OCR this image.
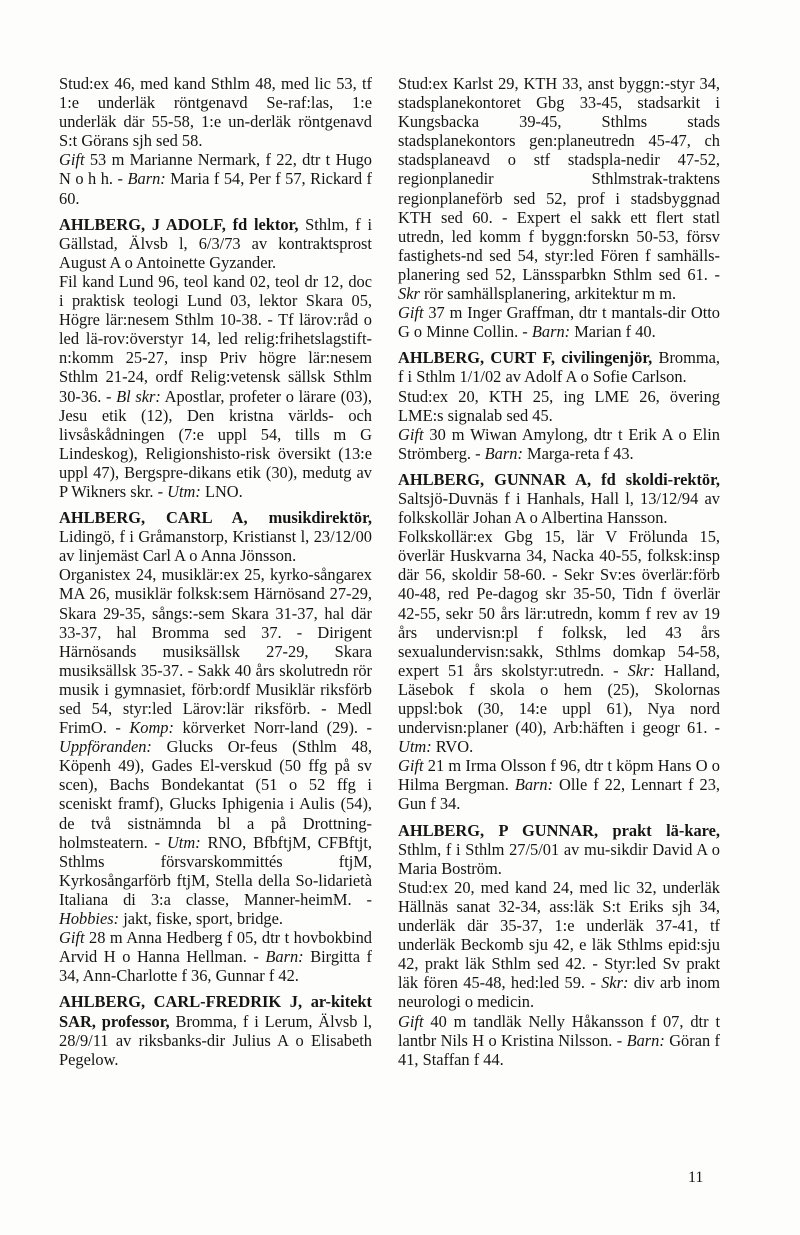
Stud:ex 46, med kand Sthlm 48, med lic 53, tf 1:e underläk röntgenavd Se-raf:las, 1:e underläk där 55-58, 1:e un-derläk röntgenavd S:t Görans sjh sed 58.

Gift 53 m Marianne Nermark, f 22, dtr t Hugo N o h h. - Barn: Maria f 54, Per f 57, Rickard f 60.

AHLBERG, J ADOLF, fd lektor, Sthlm, f i Gällstad, Älvsb l, 6/3/73 av kontraktsprost August A o Antoinette Gyzander.

Fil kand Lund 96, teol kand 02, teol dr 12, doc i praktisk teologi Lund 03, lektor Skara 05, Högre lär:nesem Sthlm 10-38. - Tf lärov:råd o led lä-rov:överstyr 14, led relig:frihetslagstift-n:komm 25-27, insp Priv högre lär:nesem Sthlm 21-24, ordf Relig:vetensk sällsk Sthlm 30-36. - Bl skr: Apostlar, profeter o lärare (03), Jesu etik (12), Den kristna världs- och livsåskådningen (7:e uppl 54, tills m G Lindeskog), Religionshisto-risk översikt (13:e uppl 47), Bergspre-dikans etik (30), medutg av P Wikners skr. - Utm: LNO.

AHLBERG, CARL A, musikdirektör, Lidingö, f i Gråmanstorp, Kristianst l, 23/12/00 av linjemäst Carl A o Anna Jönsson.

Organistex 24, musiklär:ex 25, kyrko-sångarex MA 26, musiklär folksk:sem Härnösand 27-29, Skara 29-35, sångs:-sem Skara 31-37, hal där 33-37, hal Bromma sed 37. - Dirigent Härnösands musiksällsk 27-29, Skara musiksällsk 35-37. - Sakk 40 års skolutredn rör musik i gymnasiet, förb:ordf Musiklär riksförb sed 54, styr:led Lärov:lär riksförb. - Medl FrimO. - Komp: körverket Norr-land (29). - Uppföranden: Glucks Or-feus (Sthlm 48, Köpenh 49), Gades El-verskud (50 ffg på sv scen), Bachs Bondekantat (51 o 52 ffg i sceniskt framf), Glucks Iphigenia i Aulis (54), de två sistnämnda bl a på Drottning-holmsteatern. - Utm: RNO, BfbftjM, CFBftjt, Sthlms försvarskommittés ftjM, Kyrkosångarförb ftjM, Stella della So-lidarietà Italiana di 3:a classe, Manner-heimM. - Hobbies: jakt, fiske, sport, bridge.

Gift 28 m Anna Hedberg f 05, dtr t hovbokbind Arvid H o Hanna Hellman. - Barn: Birgitta f 34, Ann-Charlotte f 36, Gunnar f 42.

AHLBERG, CARL-FREDRIK J, ar-kitekt SAR, professor, Bromma, f i Lerum, Älvsb l, 28/9/11 av riksbanks-dir Julius A o Elisabeth Pegelow.

Stud:ex Karlst 29, KTH 33, anst byggn:-styr 34, stadsplanekontoret Gbg 33-45, stadsarkit i Kungsbacka 39-45, Sthlms stads stadsplanekontors gen:planeutredn 45-47, ch stadsplaneavd o stf stadspla-nedir 47-52, regionplanedir Sthlmstrak-traktens regionplaneförb sed 52, prof i stadsbyggnad KTH sed 60. - Expert el sakk ett flert statl utredn, led komm f byggn:forskn 50-53, försv fastighets-nd sed 54, styr:led Fören f samhälls-planering sed 52, Länssparbkn Sthlm sed 61. - Skr rör samhällsplanering, arkitektur m m.

Gift 37 m Inger Graffman, dtr t mantals-dir Otto G o Minne Collin. - Barn: Marian f 40.

AHLBERG, CURT F, civilingenjör, Bromma, f i Sthlm 1/1/02 av Adolf A o Sofie Carlson.

Stud:ex 20, KTH 25, ing LME 26, övering LME:s signalab sed 45.

Gift 30 m Wiwan Amylong, dtr t Erik A o Elin Strömberg. - Barn: Marga-reta f 43.

AHLBERG, GUNNAR A, fd skoldi-rektör, Saltsjö-Duvnäs f i Hanhals, Hall l, 13/12/94 av folkskollär Johan A o Albertina Hansson.

Folkskollär:ex Gbg 15, lär V Frölunda 15, överlär Huskvarna 34, Nacka 40-55, folksk:insp där 56, skoldir 58-60. - Sekr Sv:es överlär:förb 40-48, red Pe-dagog skr 35-50, Tidn f överlär 42-55, sekr 50 års lär:utredn, komm f rev av 19 års undervisn:pl f folksk, led 43 års sexualundervisn:sakk, Sthlms domkap 54-58, expert 51 års skolstyr:utredn. - Skr: Halland, Läsebok f skola o hem (25), Skolornas uppsl:bok (30, 14:e uppl 61), Nya nord undervisn:planer (40), Arb:häften i geogr 61. - Utm: RVO.

Gift 21 m Irma Olsson f 96, dtr t köpm Hans O o Hilma Bergman. Barn: Olle f 22, Lennart f 23, Gun f 34.

AHLBERG, P GUNNAR, prakt lä-kare, Sthlm, f i Sthlm 27/5/01 av mu-sikdir David A o Maria Boström.

Stud:ex 20, med kand 24, med lic 32, underläk Hällnäs sanat 32-34, ass:läk S:t Eriks sjh 34, underläk där 35-37, 1:e underläk 37-41, tf underläk Beckomb sju 42, e läk Sthlms epid:sju 42, prakt läk Sthlm sed 42. - Styr:led Sv prakt läk fören 45-48, hed:led 59. - Skr: div arb inom neurologi o medicin.

Gift 40 m tandläk Nelly Håkansson f 07, dtr t lantbr Nils H o Kristina Nilsson. - Barn: Göran f 41, Staffan f 44.

11
